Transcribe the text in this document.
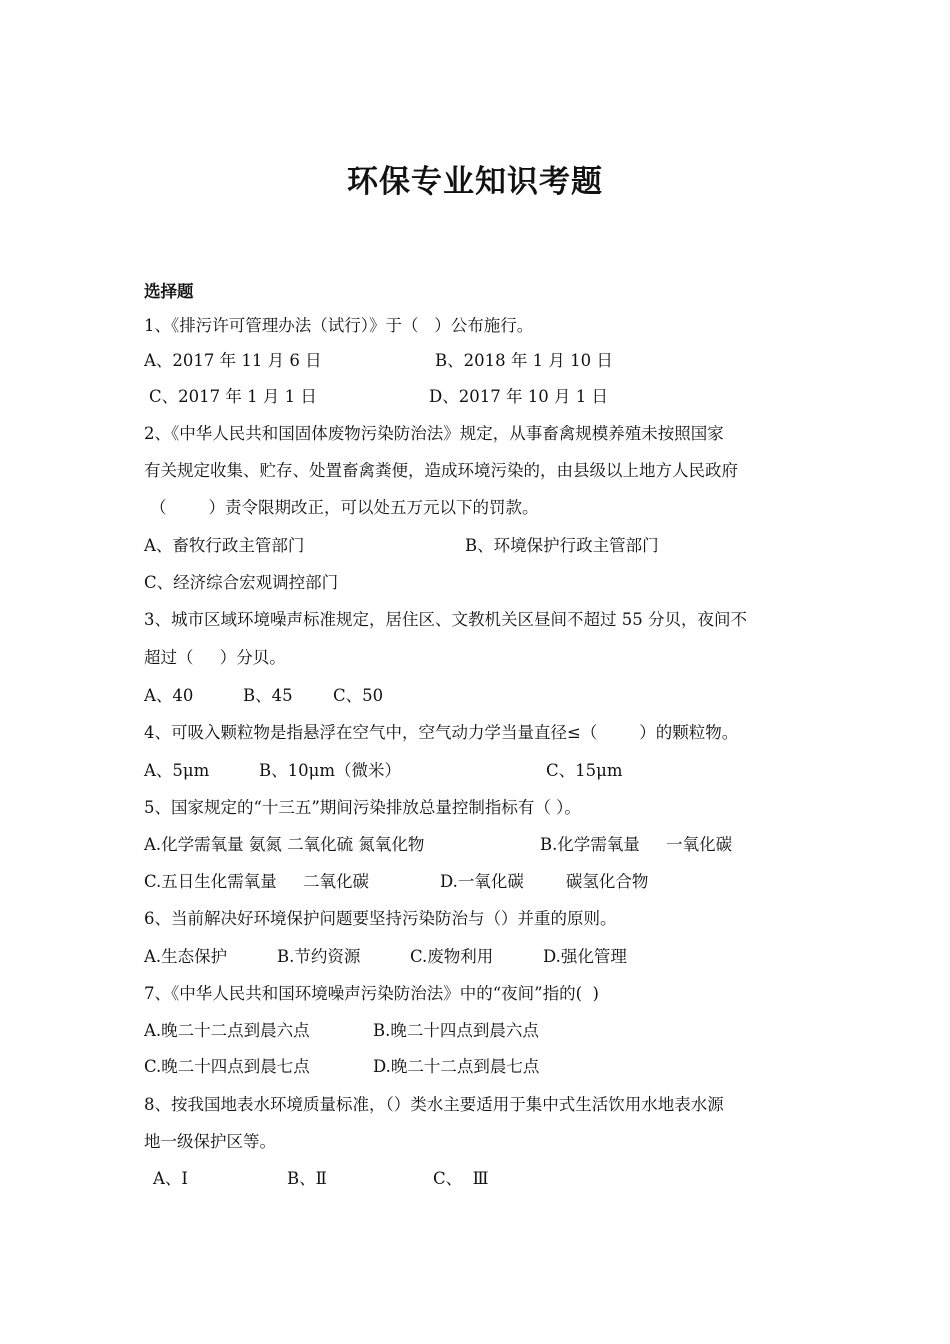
环保专业知识考题
选择题
1、《排污许可管理办法（试行）》于（   ）公布施行。
A、2017 年 11 月 6 日	B、2018 年 1 月 10 日
C、2017 年 1 月 1 日	D、2017 年 10 月 1 日
2、《中华人民共和国固体废物污染防治法》规定，从事畜禽规模养殖未按照国家
有关规定收集、贮存、处置畜禽粪便，造成环境污染的，由县级以上地方人民政府
（        ）责令限期改正，可以处五万元以下的罚款。
A、畜牧行政主管部门	B、环境保护行政主管部门
C、经济综合宏观调控部门
3、城市区域环境噪声标准规定，居住区、文教机关区昼间不超过 55 分贝，夜间不
超过（     ）分贝。
A、40	B、45 C、50
4、可吸入颗粒物是指悬浮在空气中，空气动力学当量直径≤（        ）的颗粒物。
A、5μm	B、10μm（微米）	C、15μm
5、国家规定的“十三五”期间污染排放总量控制指标有（ ）。
A.化学需氧量 氨氮 二氧化硫 氮氧化物	B.化学需氧量     一氧化碳
C.五日生化需氧量     二氧化碳	D.一氧化碳        碳氢化合物
6、当前解决好环境保护问题要坚持污染防治与（）并重的原则。
A.生态保护	B.节约资源	C.废物利用	D.强化管理
7、《中华人民共和国环境噪声污染防治法》中的“夜间”指的(  )
A.晚二十二点到晨六点	B.晚二十四点到晨六点
C.晚二十四点到晨七点	D.晚二十二点到晨七点
8、按我国地表水环境质量标准，（）类水主要适用于集中式生活饮用水地表水源
地一级保护区等。
A、Ⅰ	B、Ⅱ	C、  Ⅲ
